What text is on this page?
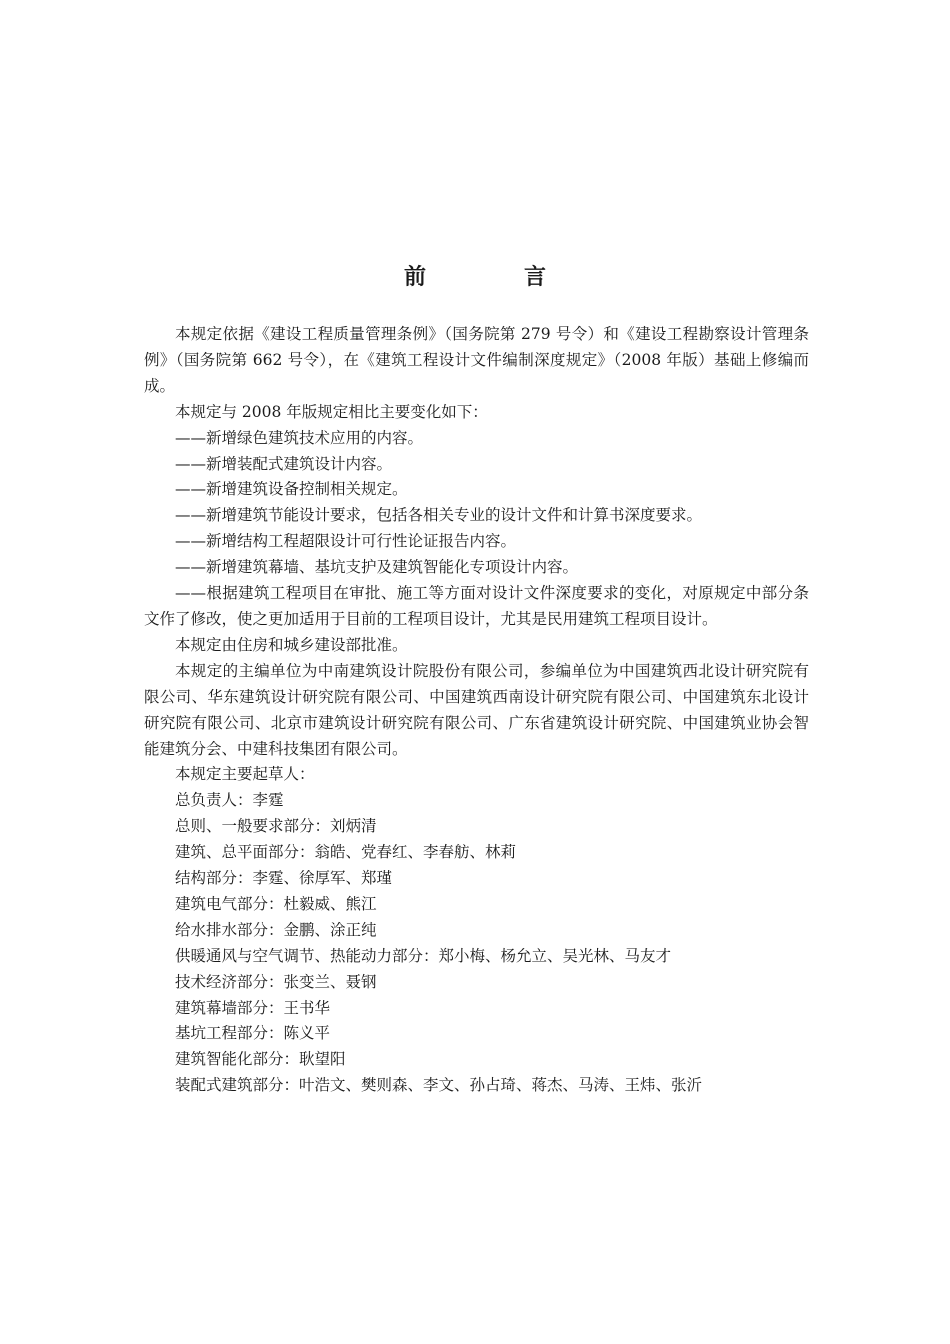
前　言

本规定依据《建设工程质量管理条例》（国务院第 279 号令）和《建设工程勘察设计管理条例》（国务院第 662 号令），在《建筑工程设计文件编制深度规定》（2008 年版）基础上修编而成。

本规定与 2008 年版规定相比主要变化如下：

——新增绿色建筑技术应用的内容。

——新增装配式建筑设计内容。

——新增建筑设备控制相关规定。

——新增建筑节能设计要求，包括各相关专业的设计文件和计算书深度要求。

——新增结构工程超限设计可行性论证报告内容。

——新增建筑幕墙、基坑支护及建筑智能化专项设计内容。

——根据建筑工程项目在审批、施工等方面对设计文件深度要求的变化，对原规定中部分条文作了修改，使之更加适用于目前的工程项目设计，尤其是民用建筑工程项目设计。

本规定由住房和城乡建设部批准。

本规定的主编单位为中南建筑设计院股份有限公司，参编单位为中国建筑西北设计研究院有限公司、华东建筑设计研究院有限公司、中国建筑西南设计研究院有限公司、中国建筑东北设计研究院有限公司、北京市建筑设计研究院有限公司、广东省建筑设计研究院、中国建筑业协会智能建筑分会、中建科技集团有限公司。

本规定主要起草人：

总负责人：李霆

总则、一般要求部分：刘炳清

建筑、总平面部分：翁皓、党春红、李春舫、林莉

结构部分：李霆、徐厚军、郑瑾

建筑电气部分：杜毅威、熊江

给水排水部分：金鹏、涂正纯

供暖通风与空气调节、热能动力部分：郑小梅、杨允立、吴光林、马友才

技术经济部分：张变兰、聂钢

建筑幕墙部分：王书华

基坑工程部分：陈义平

建筑智能化部分：耿望阳

装配式建筑部分：叶浩文、樊则森、李文、孙占琦、蒋杰、马涛、王炜、张沂
